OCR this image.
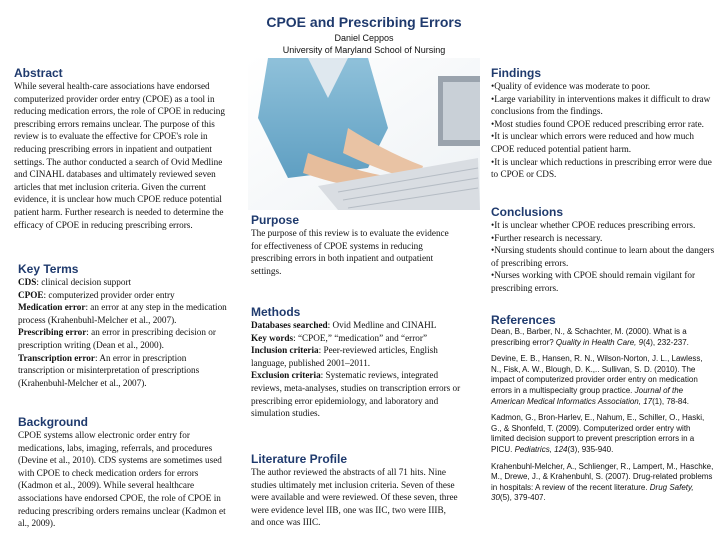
CPOE and Prescribing Errors
Daniel Ceppos
University of Maryland School of Nursing
Abstract
While several health-care associations have endorsed computerized provider order entry (CPOE) as a tool in reducing medication errors, the role of CPOE in reducing prescribing errors remains unclear. The purpose of this review is to evaluate the effective for CPOE's role in reducing prescribing errors in inpatient and outpatient settings. The author conducted a search of Ovid Medline and CINAHL databases and ultimately reviewed seven articles that met inclusion criteria. Given the current evidence, it is unclear how much CPOE reduce potential patient harm. Further research is needed to determine the efficacy of CPOE in reducing prescribing errors.
Key Terms

CDS: clinical decision support

CPOE: computerized provider order entry

Medication error: an error at any step in the medication process (Krahenbuhl-Melcher et al., 2007).

Prescribing error: an error in prescribing decision or prescription writing (Dean et al., 2000).

Transcription error: An error in prescription transcription or misinterpretation of prescriptions (Krahenbuhl-Melcher et al., 2007).

Background
CPOE systems allow electronic order entry for medications, labs, imaging, referrals, and procedures (Devine et al., 2010). CDS systems are sometimes used with CPOE to check medication orders for errors (Kadmon et al., 2009). While several healthcare associations have endorsed CPOE, the role of CPOE in reducing prescribing orders remains unclear (Kadmon et al., 2009).
Purpose
The purpose of this review is to evaluate the evidence for effectiveness of CPOE systems in reducing prescribing errors in both inpatient and outpatient settings.
Methods

Databases searched: Ovid Medline and CINAHL

Key words: “CPOE,” “medication” and “error”

Inclusion criteria: Peer-reviewed articles, English language, published 2001–2011.

Exclusion criteria: Systematic reviews, integrated reviews, meta-analyses, studies on transcription errors or prescribing error epidemiology, and laboratory and simulation studies.

Literature Profile
The author reviewed the abstracts of all 71 hits. Nine studies ultimately met inclusion criteria. Seven of these were available and were reviewed. Of these seven, three were evidence level IIB, one was IIC, two were IIIB, and once was IIIC.
Findings

•Quality of evidence was moderate to poor.

•Large variability in interventions makes it difficult to draw conclusions from the findings.

•Most studies found CPOE reduced prescribing error rate.

•It is unclear which errors were reduced and how much CPOE reduced potential patient harm.

•It is unclear which reductions in prescribing error were due to CPOE or CDS.

Conclusions

•It is unclear whether CPOE reduces prescribing errors.

•Further research is necessary.

•Nursing students should continue to learn about the dangers of prescribing errors.

•Nurses working with CPOE should remain vigilant for prescribing errors.

References

Dean, B., Barber, N., & Schachter, M. (2000). What is a prescribing error? Quality in Health Care, 9(4), 232-237.

Devine, E. B., Hansen, R. N., Wilson-Norton, J. L., Lawless, N., Fisk, A. W., Blough, D. K.,.. Sullivan, S. D. (2010). The impact of computerized provider order entry on medication errors in a multispecialty group practice. Journal of the American Medical Informatics Association, 17(1), 78-84.

Kadmon, G., Bron-Harlev, E., Nahum, E., Schiller, O., Haski, G., & Shonfeld, T. (2009). Computerized order entry with limited decision support to prevent prescription errors in a PICU. Pediatrics, 124(3), 935-940.

Krahenbuhl-Melcher, A., Schlienger, R., Lampert, M., Haschke, M., Drewe, J., & Krahenbuhl, S. (2007). Drug-related problems in hospitals: A review of the recent literature. Drug Safety, 30(5), 379-407.
